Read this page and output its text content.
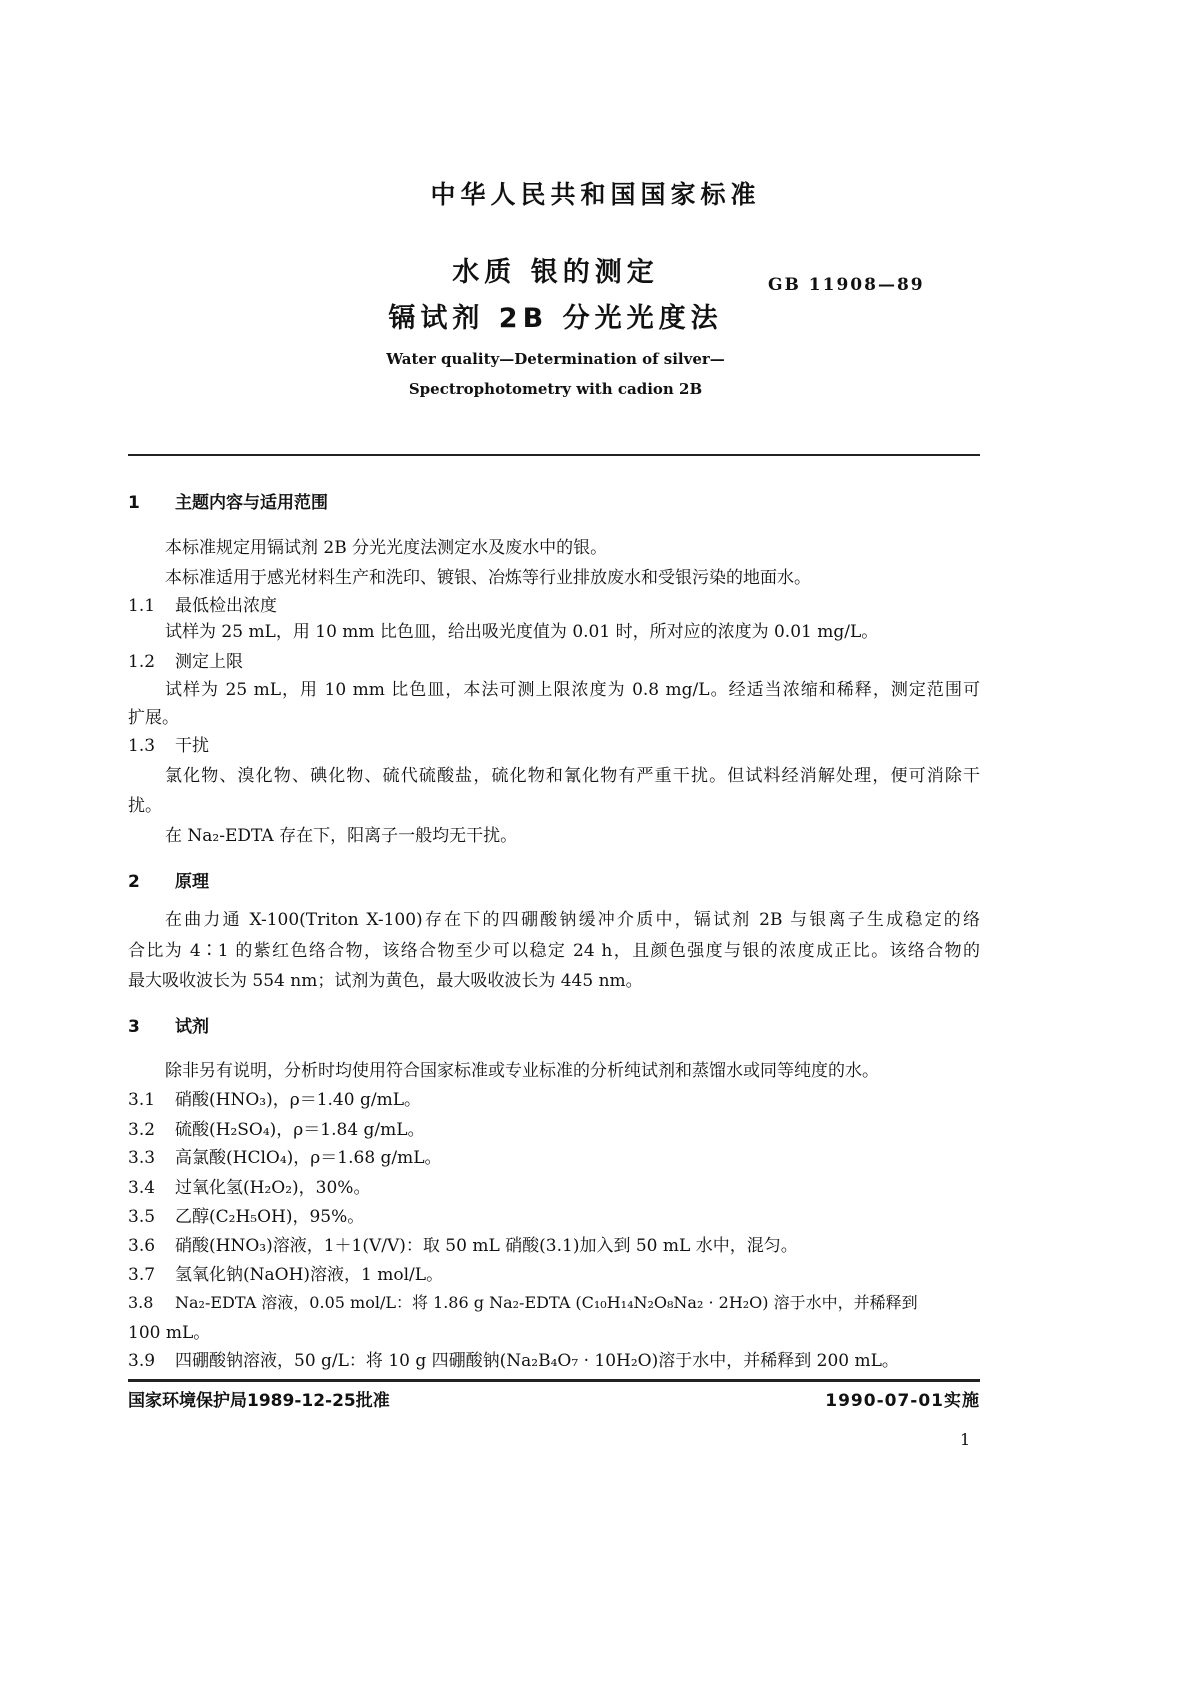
中华人民共和国国家标准
水质 银的测定
镉试剂 2B 分光光度法
GB 11908—89
Water quality—Determination of silver—
Spectrophotometry with cadion 2B
1 主题内容与适用范围
本标准规定用镉试剂 2B 分光光度法测定水及废水中的银。
本标准适用于感光材料生产和洗印、镀银、冶炼等行业排放废水和受银污染的地面水。
1.1 最低检出浓度
试样为 25 mL，用 10 mm 比色皿，给出吸光度值为 0.01 时，所对应的浓度为 0.01 mg/L。
1.2 测定上限
试样为 25 mL，用 10 mm 比色皿，本法可测上限浓度为 0.8 mg/L。经适当浓缩和稀释，测定范围可
扩展。
1.3 干扰
氯化物、溴化物、碘化物、硫代硫酸盐，硫化物和氰化物有严重干扰。但试料经消解处理，便可消除干
扰。
在 Na₂-EDTA 存在下，阳离子一般均无干扰。
2 原理
在曲力通 X-100(Triton X-100)存在下的四硼酸钠缓冲介质中，镉试剂 2B 与银离子生成稳定的络
合比为 4∶1 的紫红色络合物，该络合物至少可以稳定 24 h，且颜色强度与银的浓度成正比。该络合物的
最大吸收波长为 554 nm；试剂为黄色，最大吸收波长为 445 nm。
3 试剂
除非另有说明，分析时均使用符合国家标准或专业标准的分析纯试剂和蒸馏水或同等纯度的水。
3.1 硝酸(HNO₃)，ρ＝1.40 g/mL。
3.2 硫酸(H₂SO₄)，ρ＝1.84 g/mL。
3.3 高氯酸(HClO₄)，ρ＝1.68 g/mL。
3.4 过氧化氢(H₂O₂)，30%。
3.5 乙醇(C₂H₅OH)，95%。
3.6 硝酸(HNO₃)溶液，1＋1(V/V)：取 50 mL 硝酸(3.1)加入到 50 mL 水中，混匀。
3.7 氢氧化钠(NaOH)溶液，1 mol/L。
3.8 Na₂-EDTA 溶液，0.05 mol/L：将 1.86 g Na₂-EDTA (C₁₀H₁₄N₂O₈Na₂ · 2H₂O) 溶于水中，并稀释到
100 mL。
3.9 四硼酸钠溶液，50 g/L：将 10 g 四硼酸钠(Na₂B₄O₇ · 10H₂O)溶于水中，并稀释到 200 mL。
国家环境保护局1989-12-25批准	1990-07-01实施
1
